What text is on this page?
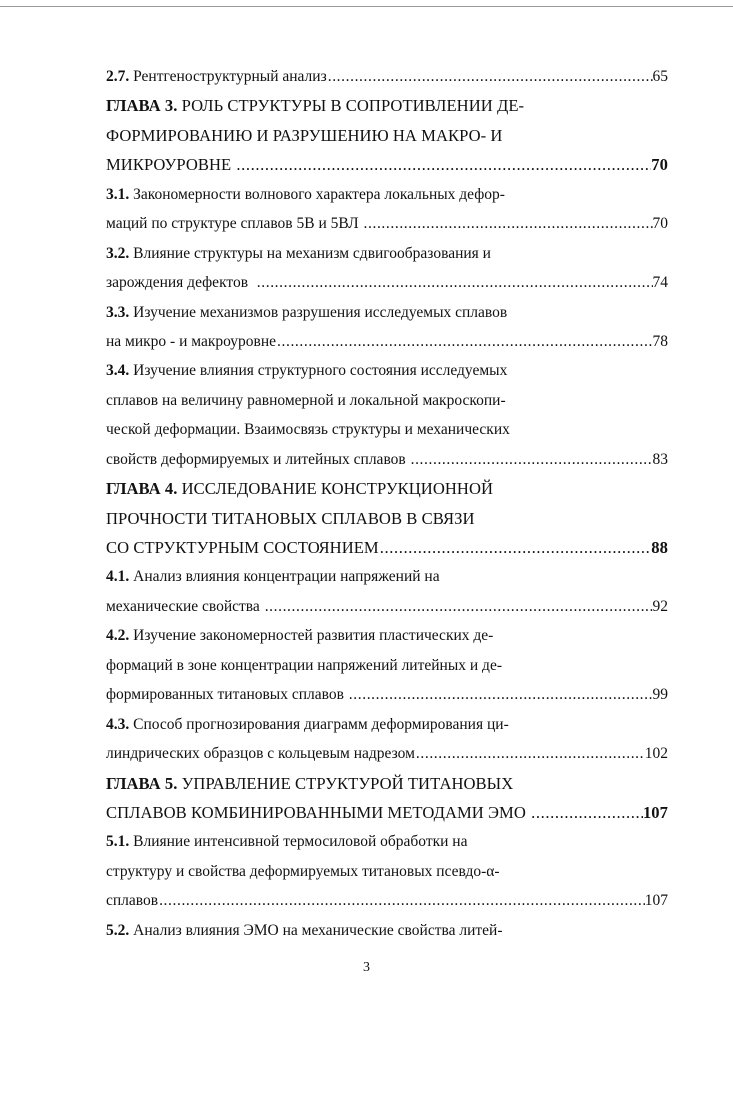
2.7. Рентгеноструктурный анализ .....	65
ГЛАВА 3. РОЛЬ СТРУКТУРЫ В СОПРОТИВЛЕНИИ ДЕ-
ФОРМИРОВАНИЮ И РАЗРУШЕНИЮ НА МАКРО- И
МИКРОУРОВНЕ .....	70
3.1. Закономерности волнового характера локальных дефор-
маций по структуре сплавов 5В и 5ВЛ .....	70
3.2. Влияние структуры на механизм сдвигообразования и
зарождения дефектов .....	74
3.3. Изучение механизмов разрушения исследуемых сплавов
на микро - и макроуровне .....	78
3.4. Изучение влияния структурного состояния исследуемых
сплавов на величину равномерной и локальной макроскопи-
ческой деформации. Взаимосвязь структуры и механических
свойств деформируемых и литейных сплавов .....	83
ГЛАВА 4. ИССЛЕДОВАНИЕ КОНСТРУКЦИОННОЙ
ПРОЧНОСТИ ТИТАНОВЫХ СПЛАВОВ В СВЯЗИ
СО СТРУКТУРНЫМ СОСТОЯНИЕМ .....	88
4.1. Анализ влияния концентрации напряжений на
механические свойства .....	92
4.2. Изучение закономерностей развития пластических де-
формаций в зоне концентрации напряжений литейных и де-
формированных титановых сплавов .....	99
4.3. Способ прогнозирования диаграмм деформирования ци-
линдрических образцов с кольцевым надрезом .....	102
ГЛАВА 5. УПРАВЛЕНИЕ СТРУКТУРОЙ ТИТАНОВЫХ
СПЛАВОВ КОМБИНИРОВАННЫМИ МЕТОДАМИ ЭМО .....	107
5.1. Влияние интенсивной термосиловой обработки на
структуру и свойства деформируемых титановых псевдо-α-
сплавов .....	107
5.2. Анализ влияния ЭМО на механические свойства литей-
3
